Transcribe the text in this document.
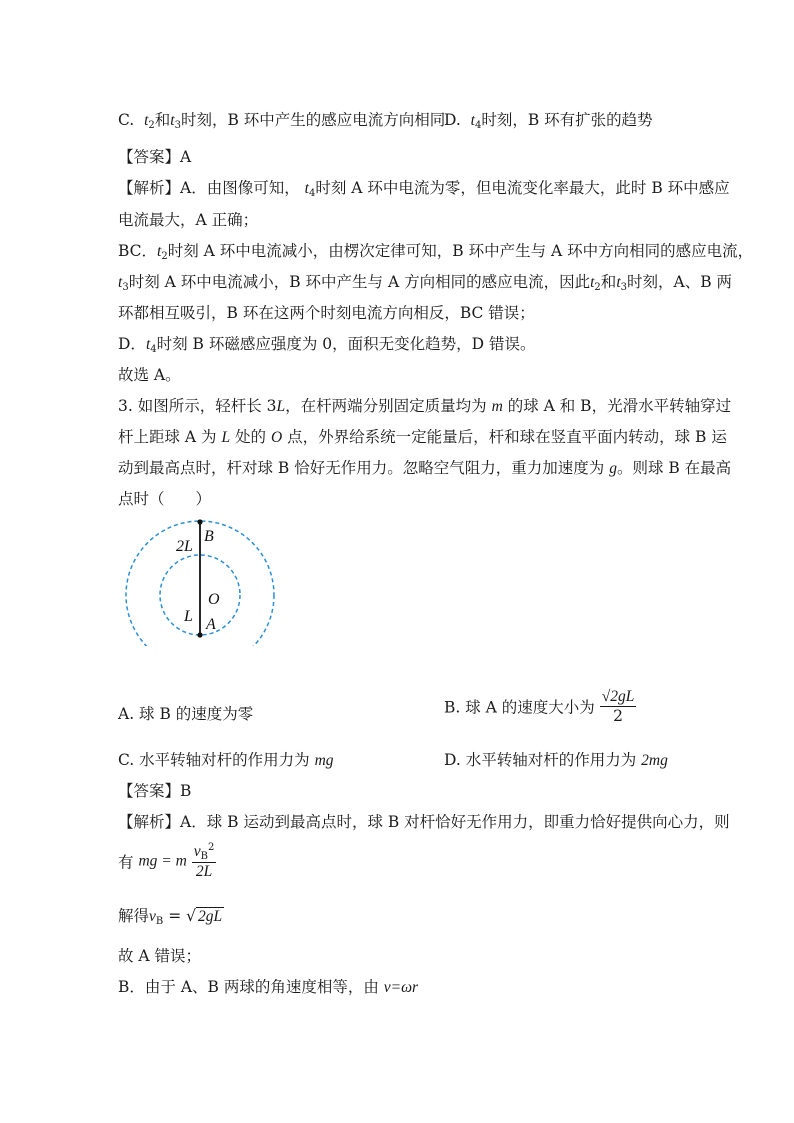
C. $t_2$和$t_3$时刻，B 环中产生的感应电流方向相同
D. $t_4$时刻，B 环有扩张的趋势
【答案】A
【解析】A．由图像可知， $t_4$时刻 A 环中电流为零，但电流变化率最大，此时 B 环中感应
电流最大，A 正确；
BC．$t_2$时刻 A 环中电流减小，由楞次定律可知，B 环中产生与 A 环中方向相同的感应电流，
$t_3$时刻 A 环中电流减小，B 环中产生与 A 方向相同的感应电流，因此$t_2$和$t_3$时刻，A、B 两
环都相互吸引，B 环在这两个时刻电流方向相反，BC 错误；
D．$t_4$时刻 B 环磁感应强度为 0，面积无变化趋势，D 错误。
故选 A。
3. 如图所示，轻杆长 3L，在杆两端分别固定质量均为 m 的球 A 和 B，光滑水平转轴穿过
杆上距球 A 为 L 处的 O 点，外界给系统一定能量后，杆和球在竖直平面内转动，球 B 运
动到最高点时，杆对球 B 恰好无作用力。忽略空气阻力，重力加速度为 g。则球 B 在最高
点时（　　）
2L
B
O
L A
A. 球 B 的速度为零	B. 球 A 的速度大小为 $\frac{√2gL}{2}$
C. 水平转轴对杆的作用力为 mg	D. 水平转轴对杆的作用力为 2mg
【答案】B
【解析】A．球 B 运动到最高点时，球 B 对杆恰好无作用力，即重力恰好提供向心力，则
有 mg = m $\frac{v_B^2}{2L}$
解得$v_B$ = √ 2gL
故 A 错误；
B．由于 A、B 两球的角速度相等，由 v=ωr
